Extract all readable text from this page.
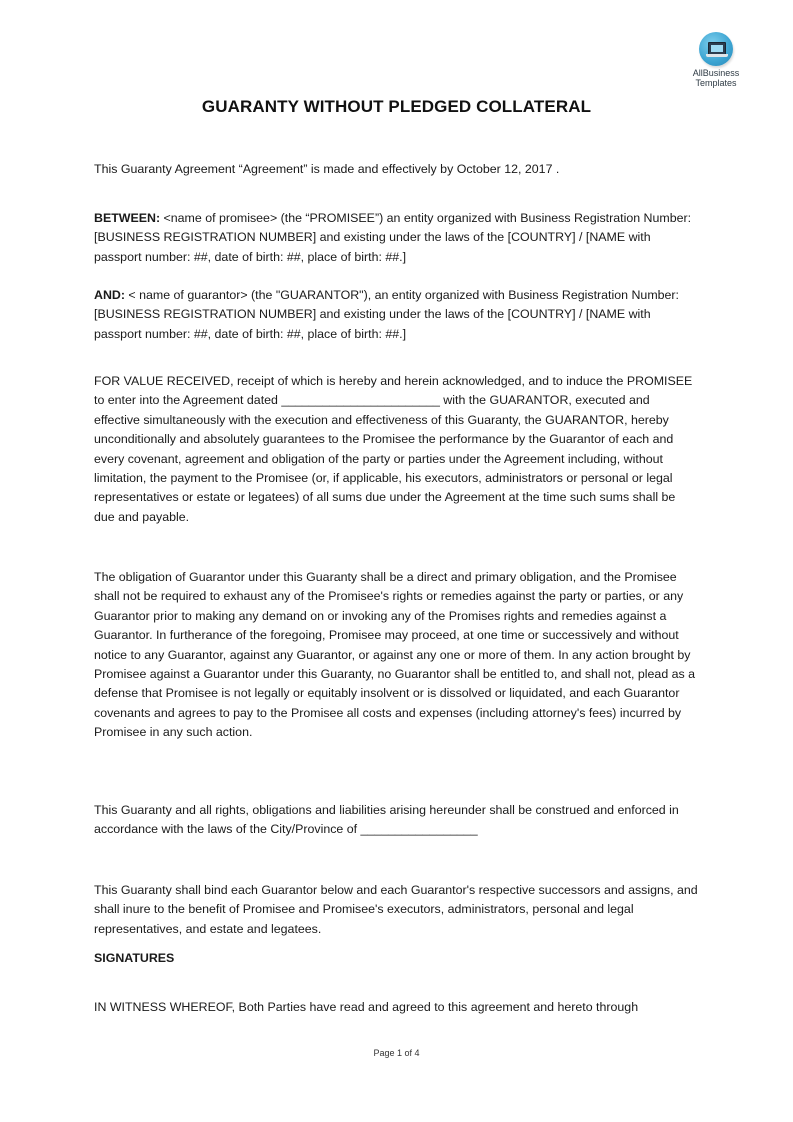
AllBusiness
Templates
GUARANTY WITHOUT PLEDGED COLLATERAL

This Guaranty Agreement “Agreement” is made and effectively by October 12, 2017 .

BETWEEN: <name of promisee> (the “PROMISEE”) an entity organized with Business Registration Number: [BUSINESS REGISTRATION NUMBER] and existing under the laws of the [COUNTRY] / [NAME with passport number: ##, date of birth: ##, place of birth: ##.]

AND: < name of guarantor> (the "GUARANTOR"), an entity organized with Business Registration Number: [BUSINESS REGISTRATION NUMBER] and existing under the laws of the [COUNTRY] / [NAME with passport number: ##, date of birth: ##, place of birth: ##.]

FOR VALUE RECEIVED, receipt of which is hereby and herein acknowledged, and to induce the PROMISEE to enter into the Agreement dated _______________________ with the GUARANTOR, executed and effective simultaneously with the execution and effectiveness of this Guaranty, the GUARANTOR, hereby unconditionally and absolutely guarantees to the Promisee the performance by the Guarantor of each and every covenant, agreement and obligation of the party or parties under the Agreement including, without limitation, the payment to the Promisee (or, if applicable, his executors, administrators or personal or legal representatives or estate or legatees) of all sums due under the Agreement at the time such sums shall be due and payable.

The obligation of Guarantor under this Guaranty shall be a direct and primary obligation, and the Promisee shall not be required to exhaust any of the Promisee's rights or remedies against the party or parties, or any Guarantor prior to making any demand on or invoking any of the Promises rights and remedies against a Guarantor. In furtherance of the foregoing, Promisee may proceed, at one time or successively and without notice to any Guarantor, against any Guarantor, or against any one or more of them. In any action brought by Promisee against a Guarantor under this Guaranty, no Guarantor shall be entitled to, and shall not, plead as a defense that Promisee is not legally or equitably insolvent or is dissolved or liquidated, and each Guarantor covenants and agrees to pay to the Promisee all costs and expenses (including attorney's fees) incurred by Promisee in any such action.

This Guaranty and all rights, obligations and liabilities arising hereunder shall be construed and enforced in accordance with the laws of the City/Province of _________________

This Guaranty shall bind each Guarantor below and each Guarantor's respective successors and assigns, and shall inure to the benefit of Promisee and Promisee's executors, administrators, personal and legal representatives, and estate and legatees.

SIGNATURES

IN WITNESS WHEREOF, Both Parties have read and agreed to this agreement and hereto through

Page 1 of 4
